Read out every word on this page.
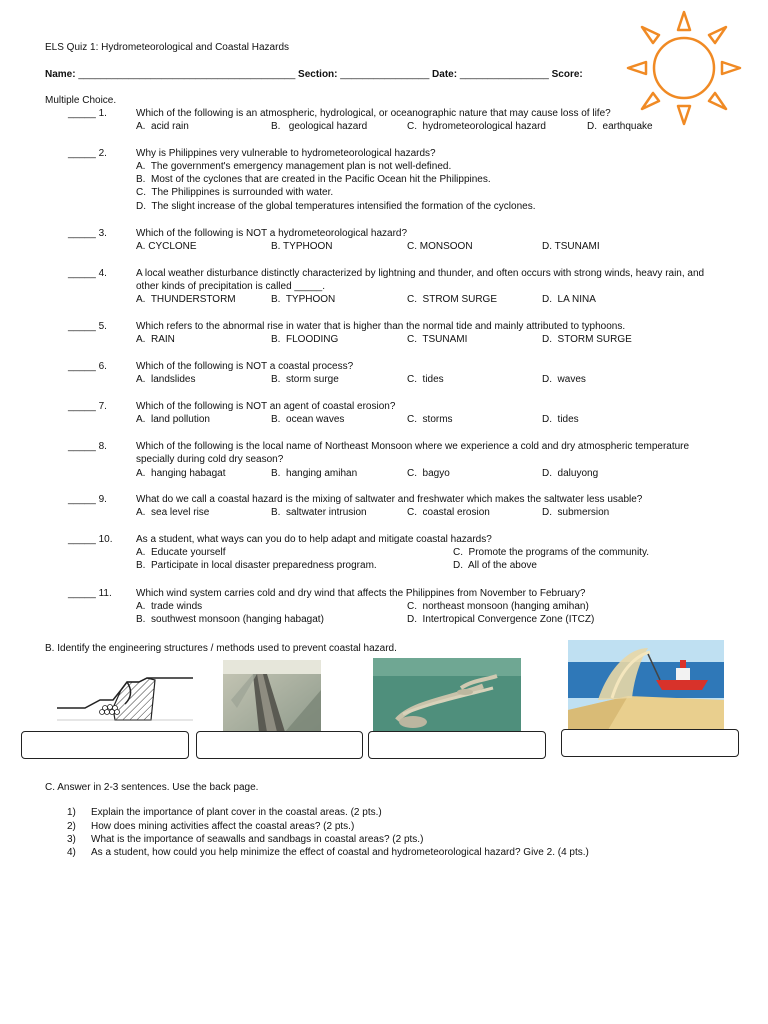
ELS Quiz 1: Hydrometeorological and Coastal Hazards
Name: _______________________________________ Section: ________________ Date: ________________ Score:
Multiple Choice.
_____ 1.	Which of the following is an atmospheric, hydrological, or oceanographic nature that may cause loss of life?
A.  acid rain	B.   geological hazard	C.  hydrometeorological hazard	D.  earthquake
_____ 2.	Why is Philippines very vulnerable to hydrometeorological hazards?
A.  The government's emergency management plan is not well-defined.
B.  Most of the cyclones that are created in the Pacific Ocean hit the Philippines.
C.  The Philippines is surrounded with water.
D.  The slight increase of the global temperatures intensified the formation of the cyclones.
_____ 3.	Which of the following is NOT a hydrometeorological hazard?
A. CYCLONE	B. TYPHOON	C. MONSOON	D. TSUNAMI
_____ 4.	A local weather disturbance distinctly characterized by lightning and thunder, and often occurs with strong winds, heavy rain, and other kinds of precipitation is called _____.
A.  THUNDERSTORM	B.  TYPHOON	C.  STROM SURGE	D.  LA NINA
_____ 5.	Which refers to the abnormal rise in water that is higher than the normal tide and mainly attributed to typhoons.
A.  RAIN	B.  FLOODING	C.  TSUNAMI	D.  STORM SURGE
_____ 6.	Which of the following is NOT a coastal process?
A.  landslides	B.  storm surge	C.  tides	D.  waves
_____ 7.	Which of the following is NOT an agent of coastal erosion?
A.  land pollution	B.  ocean waves	C.  storms	D.  tides
_____ 8.	Which of the following is the local name of Northeast Monsoon where we experience a cold and dry atmospheric temperature specially during cold dry season?
A.  hanging habagat	B.  hanging amihan	C.  bagyo	D.  daluyong
_____ 9.	What do we call a coastal hazard is the mixing of saltwater and freshwater which makes the saltwater less usable?
A.  sea level rise	B.  saltwater intrusion	C.  coastal erosion	D.  submersion
_____ 10. As a student, what ways can you do to help adapt and mitigate coastal hazards?
A.  Educate yourself	C.  Promote the programs of the community.
B.  Participate in local disaster preparedness program.	D.  All of the above
_____ 11. Which wind system carries cold and dry wind that affects the Philippines from November to February?
A.  trade winds	C.  northeast monsoon (hanging amihan)
B.  southwest monsoon (hanging habagat)	D.  Intertropical Convergence Zone (ITCZ)
B. Identify the engineering structures / methods used to prevent coastal hazard.
C. Answer in 2-3 sentences. Use the back page.
1) Explain the importance of plant cover in the coastal areas. (2 pts.)
2) How does mining activities affect the coastal areas? (2 pts.)
3) What is the importance of seawalls and sandbags in coastal areas? (2 pts.)
4) As a student, how could you help minimize the effect of coastal and hydrometeorological hazard? Give 2. (4 pts.)
